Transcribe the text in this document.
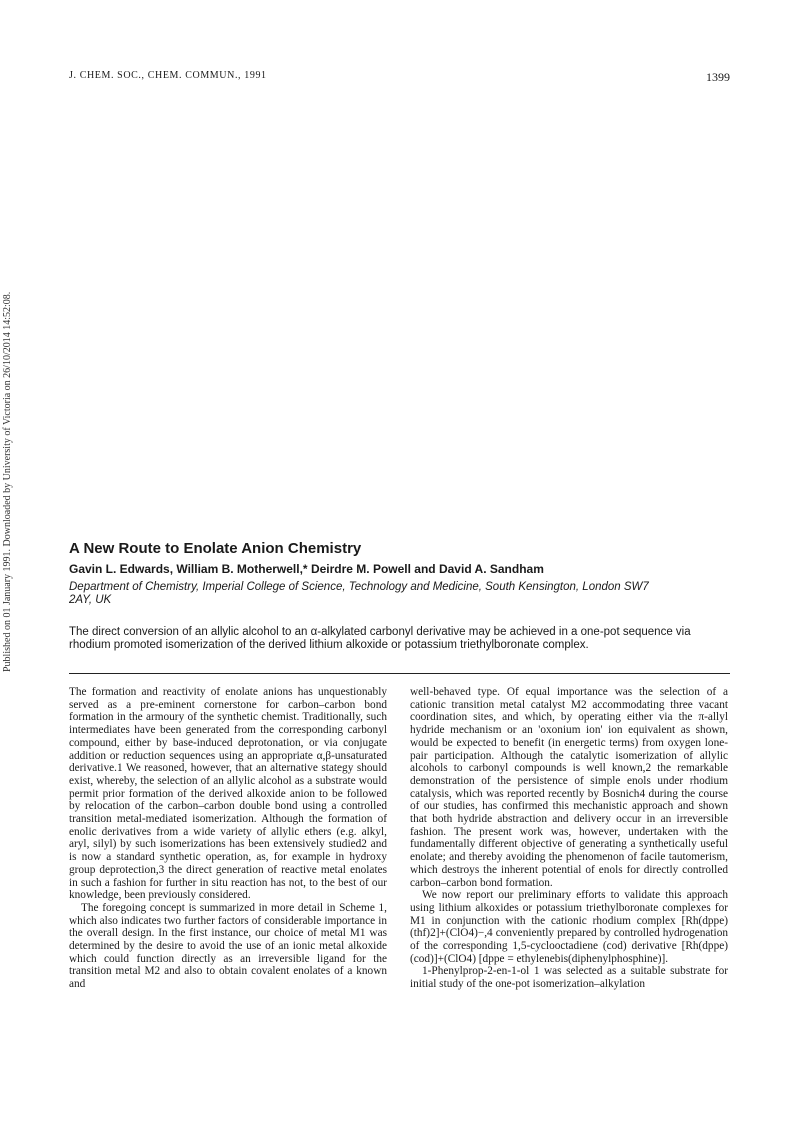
J. CHEM. SOC., CHEM. COMMUN., 1991	1399
Published on 01 January 1991. Downloaded by University of Victoria on 26/10/2014 14:52:08.	A New Route to Enolate Anion Chemistry

Gavin L. Edwards, William B. Motherwell,* Deirdre M. Powell and David A. Sandham

Department of Chemistry, Imperial College of Science, Technology and Medicine, South Kensington, London SW7 2AY, UK

The direct conversion of an allylic alcohol to an α-alkylated carbonyl derivative may be achieved in a one-pot sequence via rhodium promoted isomerization of the derived lithium alkoxide or potassium triethylboronate complex.

The formation and reactivity of enolate anions has unquestionably served as a pre-eminent cornerstone for carbon–carbon bond formation in the armoury of the synthetic chemist. Traditionally, such intermediates have been generated from the corresponding carbonyl compound, either by base-induced deprotonation, or via conjugate addition or reduction sequences using an appropriate α,β-unsaturated derivative.1 We reasoned, however, that an alternative stategy should exist, whereby, the selection of an allylic alcohol as a substrate would permit prior formation of the derived alkoxide anion to be followed by relocation of the carbon–carbon double bond using a controlled transition metal-mediated isomerization. Although the formation of enolic derivatives from a wide variety of allylic ethers (e.g. alkyl, aryl, silyl) by such isomerizations has been extensively studied2 and is now a standard synthetic operation, as, for example in hydroxy group deprotection,3 the direct generation of reactive metal enolates in such a fashion for further in situ reaction has not, to the best of our knowledge, been previously considered.

The foregoing concept is summarized in more detail in Scheme 1, which also indicates two further factors of considerable importance in the overall design. In the first instance, our choice of metal M1 was determined by the desire to avoid the use of an ionic metal alkoxide which could function directly as an irreversible ligand for the transition metal M2 and also to obtain covalent enolates of a known and

well-behaved type. Of equal importance was the selection of a cationic transition metal catalyst M2 accommodating three vacant coordination sites, and which, by operating either via the π-allyl hydride mechanism or an 'oxonium ion' ion equivalent as shown, would be expected to benefit (in energetic terms) from oxygen lone-pair participation. Although the catalytic isomerization of allylic alcohols to carbonyl compounds is well known,2 the remarkable demonstration of the persistence of simple enols under rhodium catalysis, which was reported recently by Bosnich4 during the course of our studies, has confirmed this mechanistic approach and shown that both hydride abstraction and delivery occur in an irreversible fashion. The present work was, however, undertaken with the fundamentally different objective of generating a synthetically useful enolate; and thereby avoiding the phenomenon of facile tautomerism, which destroys the inherent potential of enols for directly controlled carbon–carbon bond formation.

We now report our preliminary efforts to validate this approach using lithium alkoxides or potassium triethylboronate complexes for M1 in conjunction with the cationic rhodium complex [Rh(dppe)(thf)2]+(ClO4)−,4 conveniently prepared by controlled hydrogenation of the corresponding 1,5-cyclooctadiene (cod) derivative [Rh(dppe)(cod)]+(ClO4) [dppe = ethylenebis(diphenylphosphine)].

1-Phenylprop-2-en-1-ol 1 was selected as a suitable substrate for initial study of the one-pot isomerization–alkylation
